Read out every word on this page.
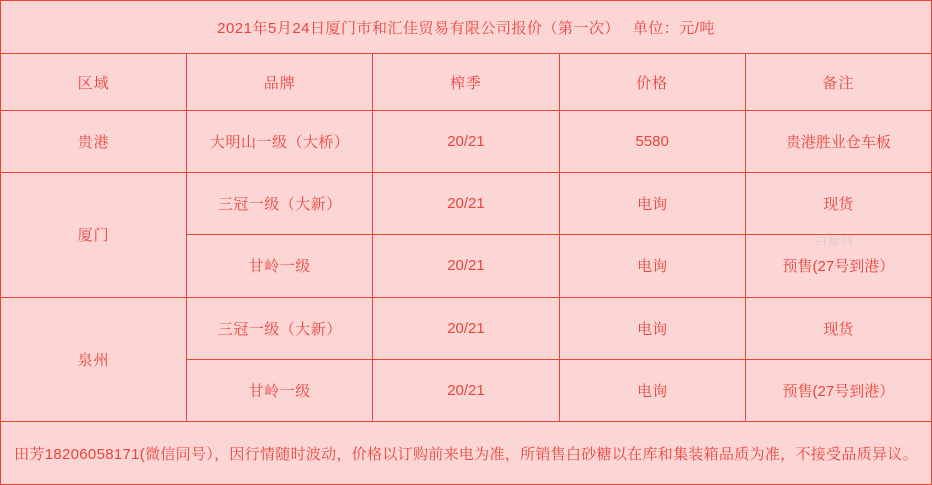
2021年5月24日厦门市和汇佳贸易有限公司报价（第一次）　 单位：元/吨				
区域	品牌	榨季	价格	备注
贵港	大明山一级（大桥）	20/21	5580	贵港胜业仓车板
厦门	三冠一级（大新）	20/21	电询	现货
	甘岭一级	20/21	电询	预售(27号到港）
泉州	三冠一级（大新）	20/21	电询	现货
	甘岭一级	20/21	电询	预售(27号到港）
田芳18206058171(微信同号），因行情随时波动，价格以订购前来电为准，所销售白砂糖以在库和集装箱品质为准，不接受品质异议。				
白糖网
